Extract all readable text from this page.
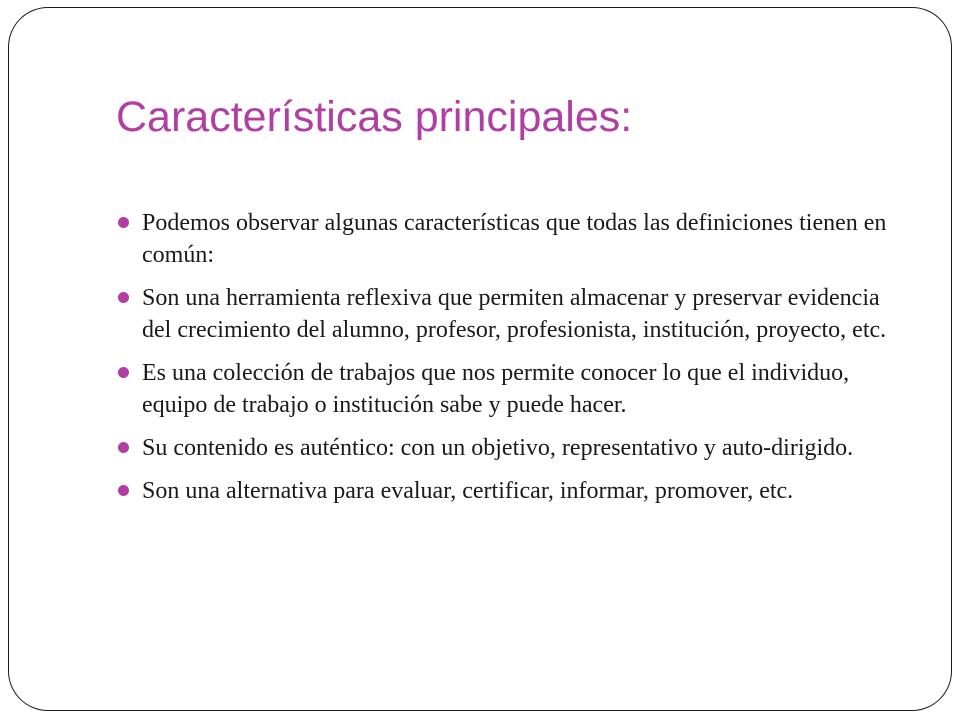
Características principales:
Podemos observar algunas características que todas las definiciones tienen en común:
Son una herramienta reflexiva que permiten almacenar y preservar evidencia del crecimiento del alumno, profesor, profesionista, institución, proyecto, etc.
Es una colección de trabajos que nos permite conocer lo que el individuo, equipo de trabajo o institución sabe y puede hacer.
Su contenido es auténtico: con un objetivo, representativo y auto-dirigido.
Son una alternativa para evaluar, certificar, informar, promover, etc.
